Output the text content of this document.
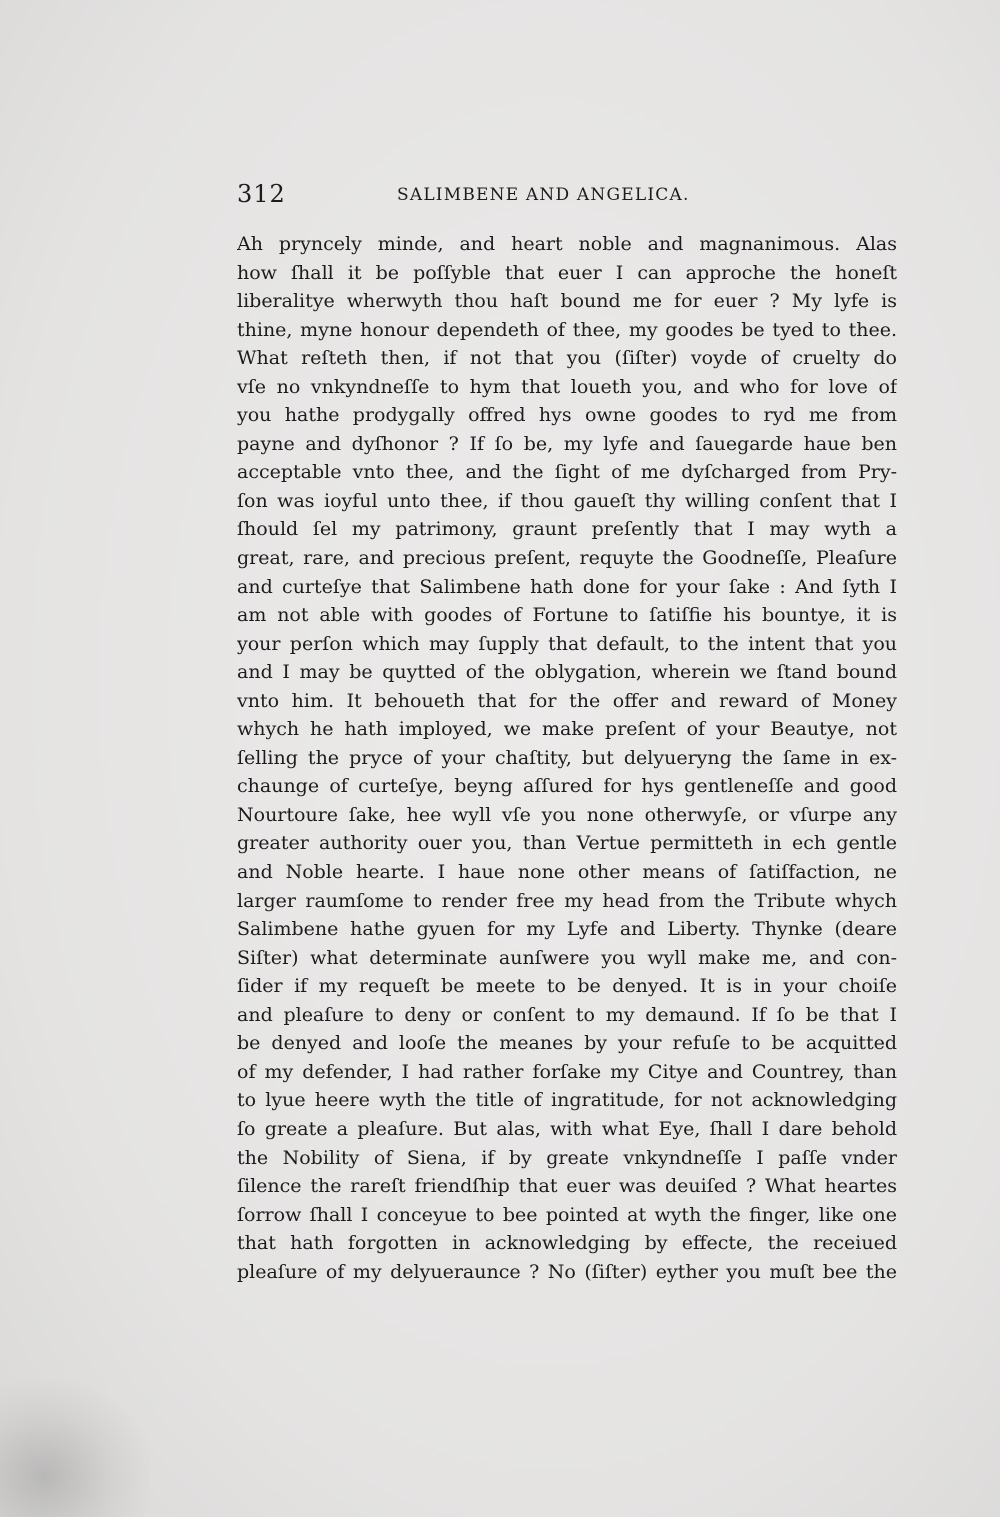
312	SALIMBENE AND ANGELICA.
Ah pryncely minde, and heart noble and magnanimous. Alas
how ſhall it be poſſyble that euer I can approche the honeſt
liberalitye wherwyth thou haſt bound me for euer ? My lyfe is
thine, myne honour dependeth of thee, my goodes be tyed to thee.
What reſteth then, if not that you (ſiſter) voyde of cruelty do
vſe no vnkyndneſſe to hym that loueth you, and who for love of
you hathe prodygally offred hys owne goodes to ryd me from
payne and dyſhonor ? If ſo be, my lyfe and ſauegarde haue ben
acceptable vnto thee, and the ſight of me dyſcharged from Pry-
ſon was ioyful unto thee, if thou gaueſt thy willing conſent that I
ſhould ſel my patrimony, graunt preſently that I may wyth a
great, rare, and precious preſent, requyte the Goodneſſe, Pleaſure
and curteſye that Salimbene hath done for your ſake : And ſyth I
am not able with goodes of Fortune to ſatiſfie his bountye, it is
your perſon which may ſupply that default, to the intent that you
and I may be quytted of the oblygation, wherein we ſtand bound
vnto him. It behoueth that for the offer and reward of Money
whych he hath imployed, we make preſent of your Beautye, not
ſelling the pryce of your chaſtity, but delyueryng the ſame in ex-
chaunge of curteſye, beyng aſſured for hys gentleneſſe and good
Nourtoure ſake, hee wyll vſe you none otherwyſe, or vſurpe any
greater authority ouer you, than Vertue permitteth in ech gentle
and Noble hearte. I haue none other means of ſatiſfaction, ne
larger raumſome to render free my head from the Tribute whych
Salimbene hathe gyuen for my Lyfe and Liberty. Thynke (deare
Siſter) what determinate aunſwere you wyll make me, and con-
ſider if my requeſt be meete to be denyed. It is in your choiſe
and pleaſure to deny or conſent to my demaund. If ſo be that I
be denyed and looſe the meanes by your refuſe to be acquitted
of my defender, I had rather forſake my Citye and Countrey, than
to lyue heere wyth the title of ingratitude, for not acknowledging
ſo greate a pleaſure. But alas, with what Eye, ſhall I dare behold
the Nobility of Siena, if by greate vnkyndneſſe I paſſe vnder
ſilence the rareſt friendſhip that euer was deuiſed ? What heartes
ſorrow ſhall I conceyue to bee pointed at wyth the finger, like one
that hath forgotten in acknowledging by effecte, the receiued
pleaſure of my delyueraunce ? No (ſiſter) eyther you muſt bee the
